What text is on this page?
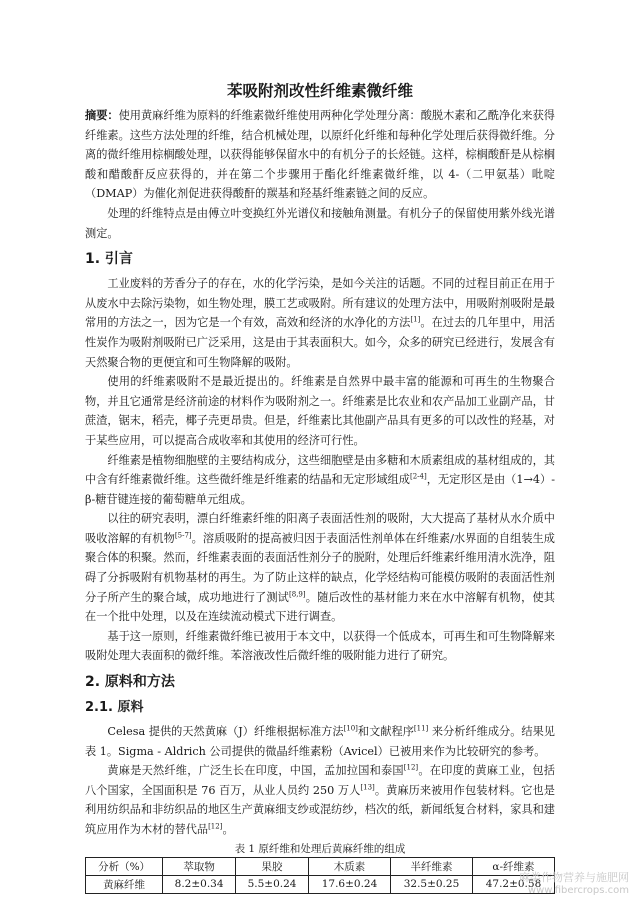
苯吸附剂改性纤维素微纤维
摘要：使用黄麻纤维为原料的纤维素微纤维使用两种化学处理分离：酸脱木素和乙酰净化来获得纤维素。这些方法处理的纤维，结合机械处理，以原纤化纤维和每种化学处理后获得微纤维。分离的微纤维用棕榈酸处理，以获得能够保留水中的有机分子的长烃链。这样，棕榈酸酐是从棕榈酸和醋酸酐反应获得的，并在第二个步骤用于酯化纤维素微纤维，以 4-（二甲氨基）吡啶（DMAP）为催化剂促进获得酸酐的羰基和羟基纤维素链之间的反应。
处理的纤维特点是由傅立叶变换红外光谱仪和接触角测量。有机分子的保留使用紫外线光谱测定。
1. 引言
工业废料的芳香分子的存在，水的化学污染，是如今关注的话题。不同的过程目前正在用于从废水中去除污染物，如生物处理，膜工艺或吸附。所有建议的处理方法中，用吸附剂吸附是最常用的方法之一，因为它是一个有效，高效和经济的水净化的方法[1]。在过去的几年里中，用活性炭作为吸附剂吸附已广泛采用，这是由于其表面积大。如今，众多的研究已经进行，发展含有天然聚合物的更便宜和可生物降解的吸附。
使用的纤维素吸附不是最近提出的。纤维素是自然界中最丰富的能源和可再生的生物聚合物，并且它通常是经济前途的材料作为吸附剂之一。纤维素是比农业和农产品加工业副产品，甘蔗渣，锯末，稻壳，椰子壳更昂贵。但是，纤维素比其他副产品具有更多的可以改性的羟基，对于某些应用，可以提高合成收率和其使用的经济可行性。
纤维素是植物细胞壁的主要结构成分，这些细胞壁是由多糖和木质素组成的基材组成的，其中含有纤维素微纤维。这些微纤维是纤维素的结晶和无定形域组成[2-4]，无定形区是由（1→4）-β-糖苷键连接的葡萄糖单元组成。
以往的研究表明，漂白纤维素纤维的阳离子表面活性剂的吸附，大大提高了基材从水介质中吸收溶解的有机物[5-7]。溶质吸附的提高被归因于表面活性剂单体在纤维素/水界面的自组装生成聚合体的积聚。然而，纤维素表面的表面活性剂分子的脱附，处理后纤维素纤维用清水洗净，阻碍了分拆吸附有机物基材的再生。为了防止这样的缺点，化学烃结构可能模仿吸附的表面活性剂分子所产生的聚合域，成功地进行了测试[8,9]。随后改性的基材能力来在水中溶解有机物，使其在一个批中处理，以及在连续流动模式下进行调查。
基于这一原则，纤维素微纤维已被用于本文中，以获得一个低成本，可再生和可生物降解来吸附处理大表面积的微纤维。苯溶液改性后微纤维的吸附能力进行了研究。
2. 原料和方法
2.1. 原料
Celesa 提供的天然黄麻（J）纤维根据标准方法[10]和文献程序[11] 来分析纤维成分。结果见表 1。Sigma - Aldrich 公司提供的微晶纤维素粉（Avicel）已被用来作为比较研究的参考。
黄麻是天然纤维，广泛生长在印度，中国，孟加拉国和泰国[12]。在印度的黄麻工业，包括八个国家，全国面积是 76 百万，从业人员约 250 万人[13]。黄麻历来被用作包装材料。它也是利用纺织品和非纺织品的地区生产黄麻细支纱或混纺纱，档次的纸，新闻纸复合材料，家具和建筑应用作为木材的替代品[12]。
表 1 原纤维和处理后黄麻纤维的组成
分析（%）	萃取物	果胶	木质素	半纤维素	α-纤维素
黄麻纤维	8.2±0.34	5.5±0.24	17.6±0.24	32.5±0.25	47.2±0.58
麻类作物营养与施肥网
www.fibercrops.com
